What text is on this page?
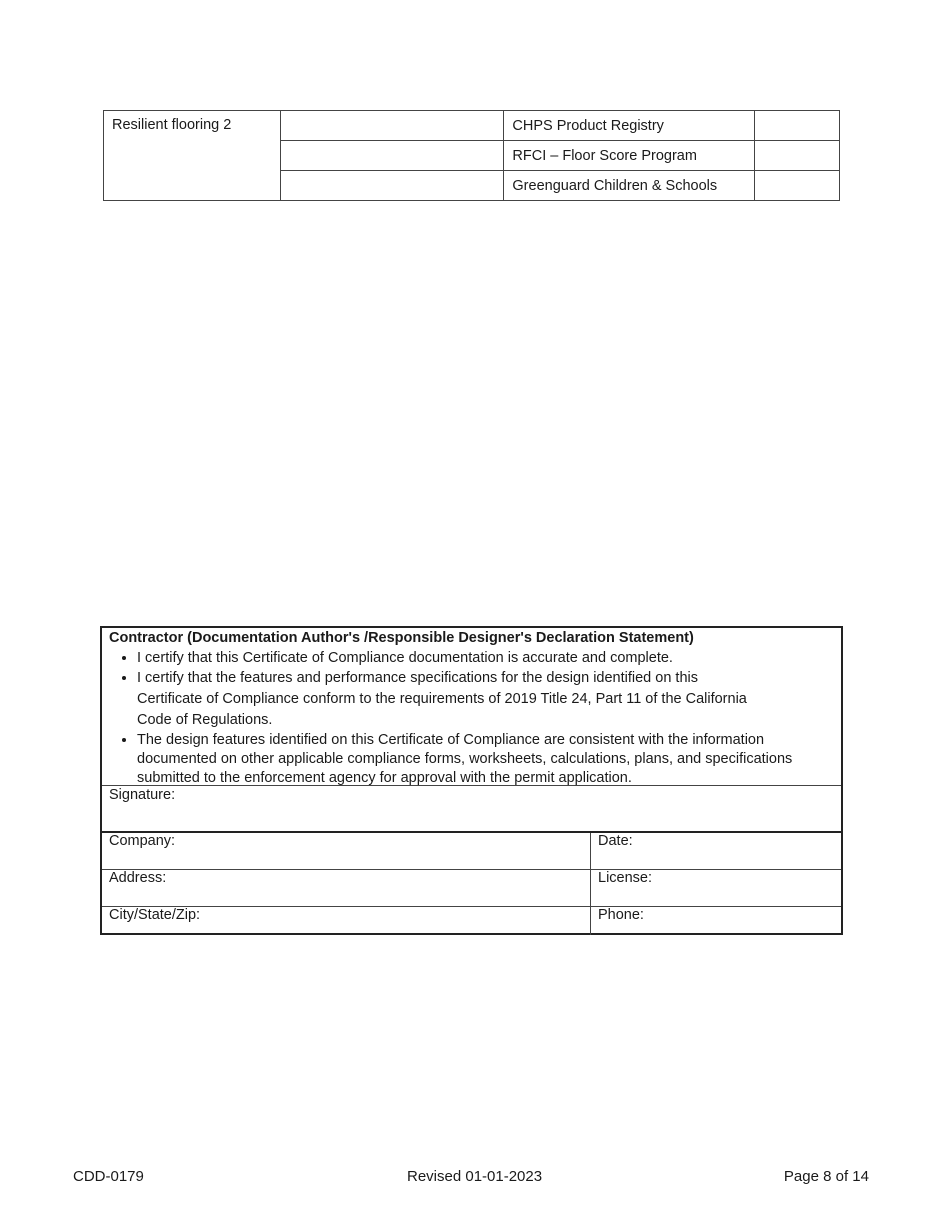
Resilient flooring 2		CHPS Product Registry	
		RFCI – Floor Score Program	
		Greenguard Children & Schools	
Contractor (Documentation Author's /Responsible Designer's Declaration Statement)
• I certify that this Certificate of Compliance documentation is accurate and complete.
• I certify that the features and performance specifications for the design identified on this Certificate of Compliance conform to the requirements of 2019 Title 24, Part 11 of the California Code of Regulations.
• The design features identified on this Certificate of Compliance are consistent with the information documented on other applicable compliance forms, worksheets, calculations, plans, and specifications submitted to the enforcement agency for approval with the permit application.
Signature:
Company:	Date:
Address:	License:
City/State/Zip:	Phone:
CDD-0179	Revised 01-01-2023	Page 8 of 14
